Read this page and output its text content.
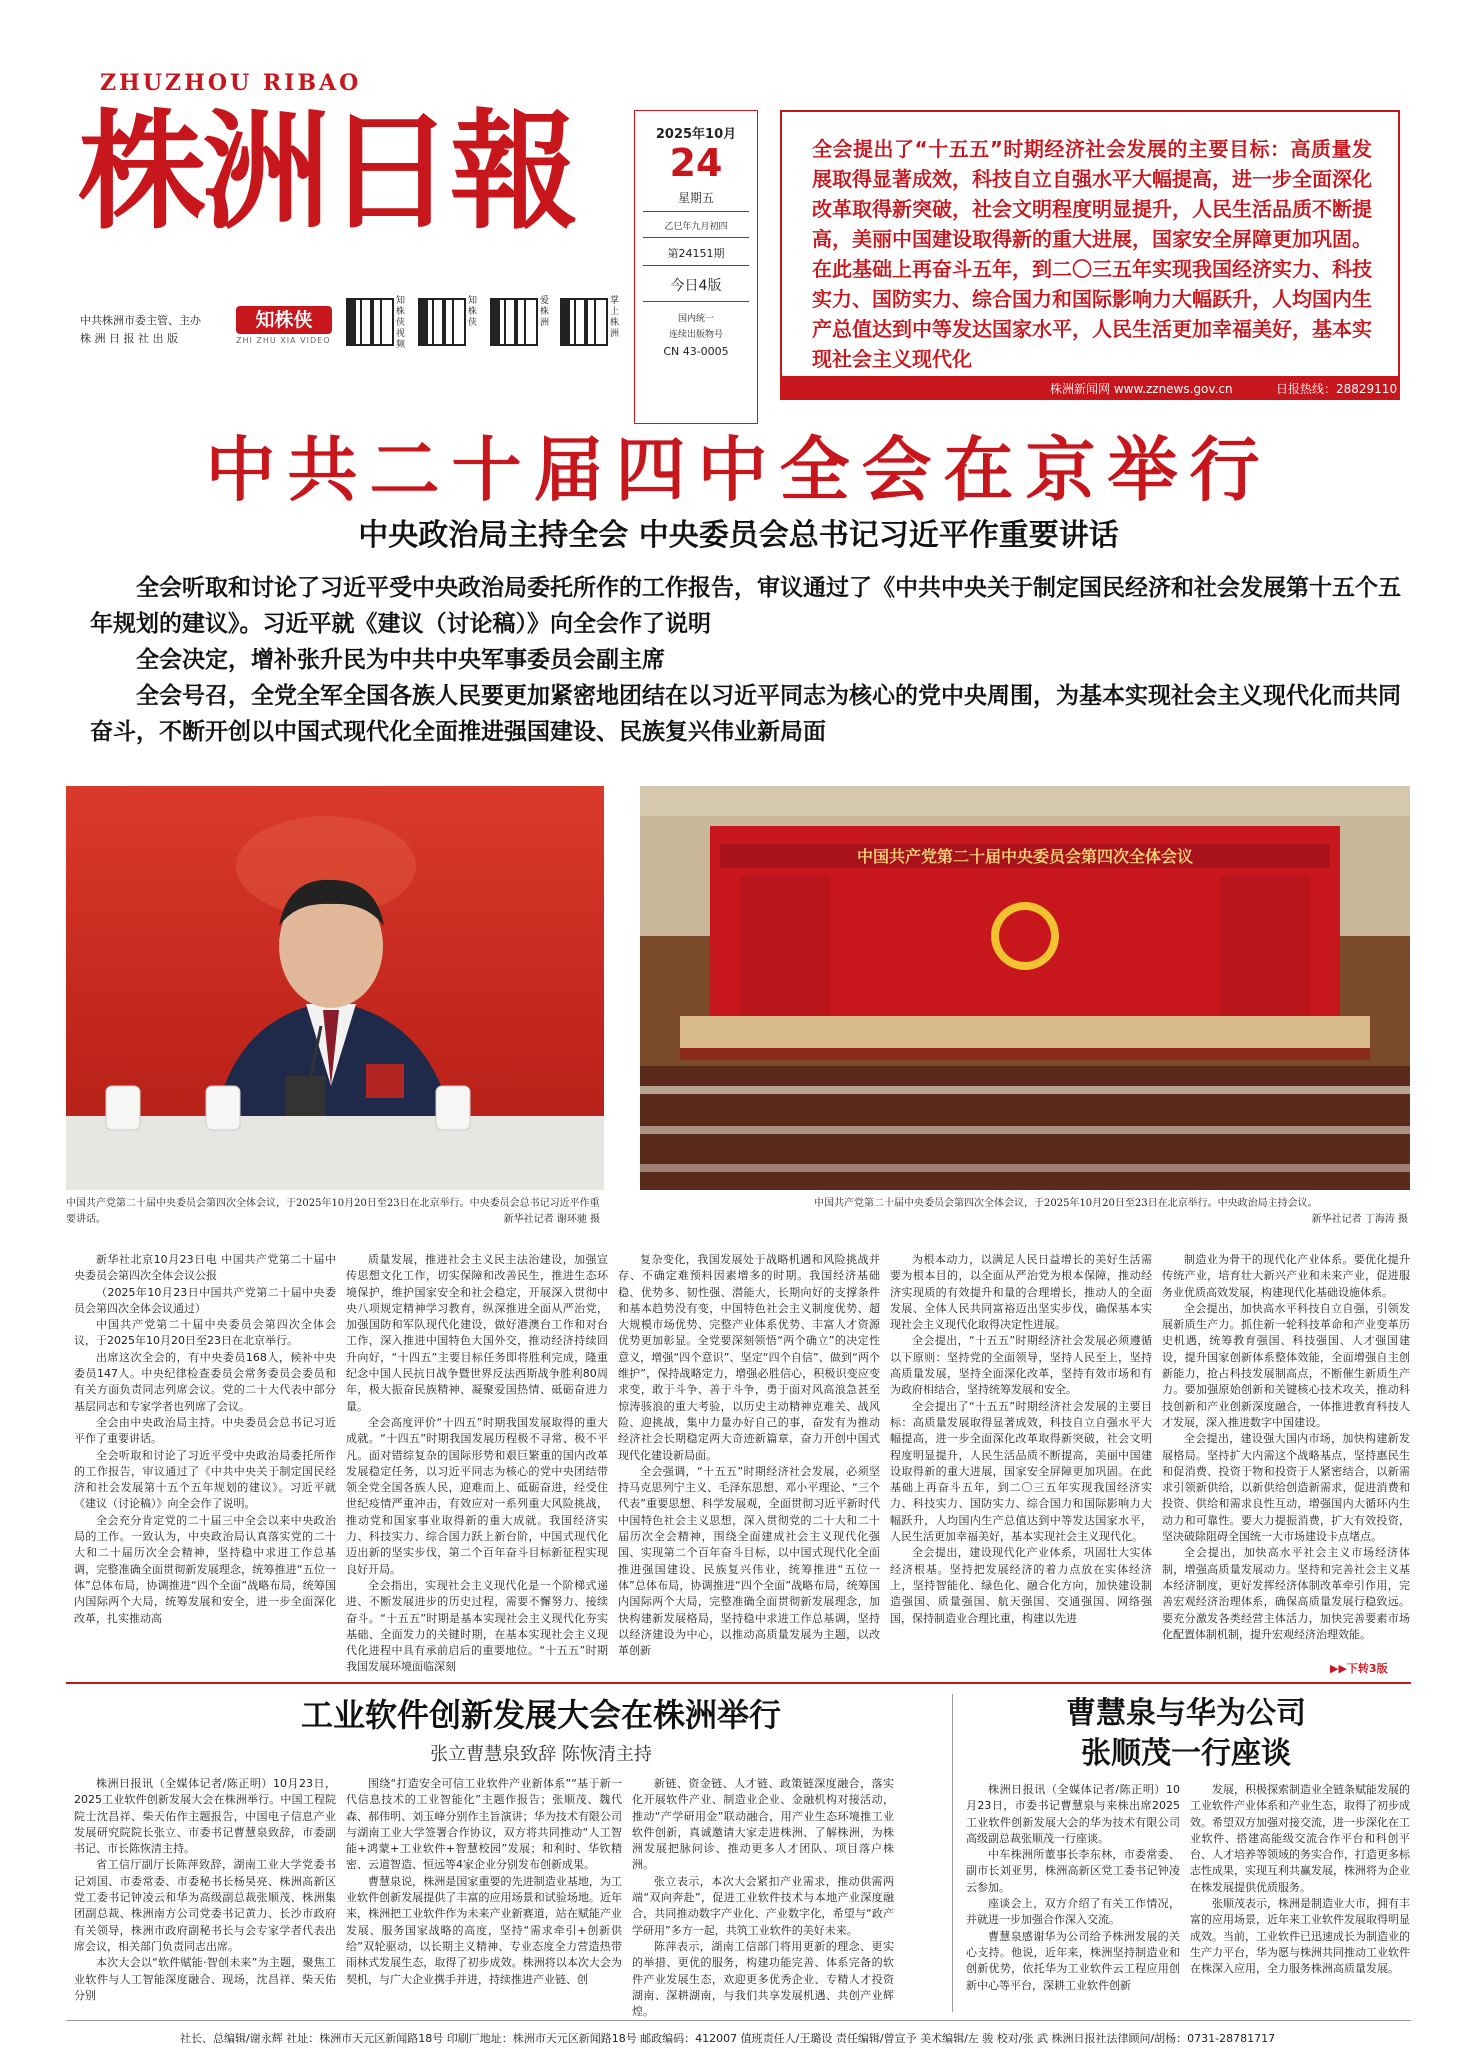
ZHUZHOU RIBAO
株洲日報
中共株洲市委主管、主办
株 洲 日 报 社 出 版
知株侠
ZHI ZHU XIA VIDEO
知株侠视频
知株侠
爱株洲
掌上株洲
2025年10月
24
星期五
乙巳年九月初四
第24151期
今日4版
国内统一
连续出版物号
CN 43-0005

全会提出了“十五五”时期经济社会发展的主要目标：高质量发展取得显著成效，科技自立自强水平大幅提高，进一步全面深化改革取得新突破，社会文明程度明显提升，人民生活品质不断提高，美丽中国建设取得新的重大进展，国家安全屏障更加巩固。在此基础上再奋斗五年，到二〇三五年实现我国经济实力、科技实力、国防实力、综合国力和国际影响力大幅跃升，人均国内生产总值达到中等发达国家水平，人民生活更加幸福美好，基本实现社会主义现代化

株洲新闻网 www.zznews.gov.cn	日报热线：28829110
中共二十届四中全会在京举行
中央政治局主持全会 中央委员会总书记习近平作重要讲话

全会听取和讨论了习近平受中央政治局委托所作的工作报告，审议通过了《中共中央关于制定国民经济和社会发展第十五个五年规划的建议》。习近平就《建议（讨论稿）》向全会作了说明

全会决定，增补张升民为中共中央军事委员会副主席

全会号召，全党全军全国各族人民要更加紧密地团结在以习近平同志为核心的党中央周围，为基本实现社会主义现代化而共同奋斗，不断开创以中国式现代化全面推进强国建设、民族复兴伟业新局面

中国共产党第二十届中央委员会第四次全体会议，于2025年10月20日至23日在北京举行。中央委员会总书记习近平作重要讲话。	新华社记者 谢环驰 摄
中国共产党第二十届中央委员会第四次全体会议
中国共产党第二十届中央委员会第四次全体会议，于2025年10月20日至23日在北京举行。中央政治局主持会议。
新华社记者 丁海涛 摄

新华社北京10月23日电 中国共产党第二十届中央委员会第四次全体会议公报

（2025年10月23日中国共产党第二十届中央委员会第四次全体会议通过）

中国共产党第二十届中央委员会第四次全体会议，于2025年10月20日至23日在北京举行。

出席这次全会的，有中央委员168人，候补中央委员147人。中央纪律检查委员会常务委员会委员和有关方面负责同志列席会议。党的二十大代表中部分基层同志和专家学者也列席了会议。

全会由中央政治局主持。中央委员会总书记习近平作了重要讲话。

全会听取和讨论了习近平受中央政治局委托所作的工作报告，审议通过了《中共中央关于制定国民经济和社会发展第十五个五年规划的建议》。习近平就《建议（讨论稿）》向全会作了说明。

全会充分肯定党的二十届三中全会以来中央政治局的工作。一致认为，中央政治局认真落实党的二十大和二十届历次全会精神，坚持稳中求进工作总基调，完整准确全面贯彻新发展理念，统筹推进“五位一体”总体布局，协调推进“四个全面”战略布局，统筹国内国际两个大局，统筹发展和安全，进一步全面深化改革，扎实推动高

质量发展，推进社会主义民主法治建设，加强宣传思想文化工作，切实保障和改善民生，推进生态环境保护，维护国家安全和社会稳定，开展深入贯彻中央八项规定精神学习教育，纵深推进全面从严治党，加强国防和军队现代化建设，做好港澳台工作和对台工作，深入推进中国特色大国外交，推动经济持续回升向好，“十四五”主要目标任务即将胜利完成，隆重纪念中国人民抗日战争暨世界反法西斯战争胜利80周年，极大振奋民族精神、凝聚爱国热情、砥砺奋进力量。

全会高度评价“十四五”时期我国发展取得的重大成就。“十四五”时期我国发展历程极不寻常、极不平凡。面对错综复杂的国际形势和艰巨繁重的国内改革发展稳定任务，以习近平同志为核心的党中央团结带领全党全国各族人民，迎难而上、砥砺奋进，经受住世纪疫情严重冲击，有效应对一系列重大风险挑战，推动党和国家事业取得新的重大成就。我国经济实力、科技实力、综合国力跃上新台阶，中国式现代化迈出新的坚实步伐，第二个百年奋斗目标新征程实现良好开局。

全会指出，实现社会主义现代化是一个阶梯式递进、不断发展进步的历史过程，需要不懈努力、接续奋斗。“十五五”时期是基本实现社会主义现代化夯实基础、全面发力的关键时期，在基本实现社会主义现代化进程中具有承前启后的重要地位。“十五五”时期我国发展环境面临深刻

复杂变化，我国发展处于战略机遇和风险挑战并存、不确定难预料因素增多的时期。我国经济基础稳、优势多、韧性强、潜能大，长期向好的支撑条件和基本趋势没有变，中国特色社会主义制度优势、超大规模市场优势、完整产业体系优势、丰富人才资源优势更加彰显。全党要深刻领悟“两个确立”的决定性意义，增强“四个意识”、坚定“四个自信”、做到“两个维护”，保持战略定力，增强必胜信心，积极识变应变求变，敢于斗争、善于斗争，勇于面对风高浪急甚至惊涛骇浪的重大考验，以历史主动精神克难关、战风险、迎挑战，集中力量办好自己的事，奋发有为推动经济社会长期稳定两大奇迹新篇章，奋力开创中国式现代化建设新局面。

全会强调，“十五五”时期经济社会发展，必须坚持马克思列宁主义、毛泽东思想、邓小平理论、“三个代表”重要思想、科学发展观，全面贯彻习近平新时代中国特色社会主义思想，深入贯彻党的二十大和二十届历次全会精神，围绕全面建成社会主义现代化强国、实现第二个百年奋斗目标，以中国式现代化全面推进强国建设、民族复兴伟业，统筹推进“五位一体”总体布局，协调推进“四个全面”战略布局，统筹国内国际两个大局，完整准确全面贯彻新发展理念，加快构建新发展格局，坚持稳中求进工作总基调，坚持以经济建设为中心，以推动高质量发展为主题，以改革创新

为根本动力，以满足人民日益增长的美好生活需要为根本目的，以全面从严治党为根本保障，推动经济实现质的有效提升和量的合理增长，推动人的全面发展、全体人民共同富裕迈出坚实步伐，确保基本实现社会主义现代化取得决定性进展。

全会提出，“十五五”时期经济社会发展必须遵循以下原则：坚持党的全面领导，坚持人民至上，坚持高质量发展，坚持全面深化改革，坚持有效市场和有为政府相结合，坚持统筹发展和安全。

全会提出了“十五五”时期经济社会发展的主要目标：高质量发展取得显著成效，科技自立自强水平大幅提高，进一步全面深化改革取得新突破，社会文明程度明显提升，人民生活品质不断提高，美丽中国建设取得新的重大进展，国家安全屏障更加巩固。在此基础上再奋斗五年，到二〇三五年实现我国经济实力、科技实力、国防实力、综合国力和国际影响力大幅跃升，人均国内生产总值达到中等发达国家水平，人民生活更加幸福美好，基本实现社会主义现代化。

全会提出，建设现代化产业体系，巩固壮大实体经济根基。坚持把发展经济的着力点放在实体经济上，坚持智能化、绿色化、融合化方向，加快建设制造强国、质量强国、航天强国、交通强国、网络强国，保持制造业合理比重，构建以先进

制造业为骨干的现代化产业体系。要优化提升传统产业，培育壮大新兴产业和未来产业，促进服务业优质高效发展，构建现代化基础设施体系。

全会提出，加快高水平科技自立自强，引领发展新质生产力。抓住新一轮科技革命和产业变革历史机遇，统筹教育强国、科技强国、人才强国建设，提升国家创新体系整体效能，全面增强自主创新能力，抢占科技发展制高点，不断催生新质生产力。要加强原始创新和关键核心技术攻关，推动科技创新和产业创新深度融合，一体推进教育科技人才发展，深入推进数字中国建设。

全会提出，建设强大国内市场，加快构建新发展格局。坚持扩大内需这个战略基点，坚持惠民生和促消费、投资于物和投资于人紧密结合，以新需求引领新供给，以新供给创造新需求，促进消费和投资、供给和需求良性互动，增强国内大循环内生动力和可靠性。要大力提振消费，扩大有效投资，坚决破除阻碍全国统一大市场建设卡点堵点。

全会提出，加快高水平社会主义市场经济体制，增强高质量发展动力。坚持和完善社会主义基本经济制度，更好发挥经济体制改革牵引作用，完善宏观经济治理体系，确保高质量发展行稳致远。要充分激发各类经营主体活力，加快完善要素市场化配置体制机制，提升宏观经济治理效能。

▶▶下转3版
工业软件创新发展大会在株洲举行
张立曹慧泉致辞 陈恢清主持

株洲日报讯（全媒体记者/陈正明）10月23日，2025工业软件创新发展大会在株洲举行。中国工程院院士沈昌祥、柴天佑作主题报告，中国电子信息产业发展研究院院长张立、市委书记曹慧泉致辞，市委副书记、市长陈恢清主持。

省工信厅副厅长陈萍致辞，湖南工业大学党委书记刘国、市委常委、市委秘书长杨昊亮、株洲高新区党工委书记钟凌云和华为高级副总裁张顺茂、株洲集团副总裁、株洲南方公司党委书记黄力、长沙市政府有关领导，株洲市政府副秘书长与会专家学者代表出席会议，相关部门负责同志出席。

本次大会以“软件赋能·智创未来”为主题，聚焦工业软件与人工智能深度融合、现场，沈昌祥、柴天佑分别

围绕“打造安全可信工业软件产业新体系”“基于新一代信息技术的工业智能化”主题作报告；张顺茂、魏代森、郝伟明、刘玉峰分别作主旨演讲；华为技术有限公司与湖南工业大学签署合作协议，双方将共同推动“人工智能+鸿蒙+工业软件+智慧校园”发展；和利时、华钦精密、云道智造、恒远等4家企业分别发布创新成果。

曹慧泉说，株洲是国家重要的先进制造业基地，为工业软件创新发展提供了丰富的应用场景和试验场地。近年来，株洲把工业软件作为未来产业新赛道，站在赋能产业发展、服务国家战略的高度，坚持“需求牵引+创新供给”双轮驱动，以长期主义精神、专业态度全力营造热带雨林式发展生态，取得了初步成效。株洲将以本次大会为契机，与广大企业携手并进，持续推进产业链、创

新链、资金链、人才链、政策链深度融合，落实化开展软件产业、制造业企业、金融机构对接活动，推动“产学研用金”联动融合，用产业生态环境推工业软件创新，真诚邀请大家走进株洲、了解株洲，为株洲发展把脉问诊、推动更多人才团队、项目落户株洲。

张立表示，本次大会紧扣产业需求，推动供需两端“双向奔赴”，促进工业软件技术与本地产业深度融合，共同推动数字产业化、产业数字化，希望与“政产学研用”多方一起，共筑工业软件的美好未来。

陈萍表示，湖南工信部门将用更新的理念、更实的举措、更优的服务，构建功能完善、体系完备的软件产业发展生态，欢迎更多优秀企业、专精人才投资湖南、深耕湖南，与我们共享发展机遇、共创产业辉煌。

曹慧泉与华为公司
张顺茂一行座谈

株洲日报讯（全媒体记者/陈正明）10月23日，市委书记曹慧泉与来株出席2025工业软件创新发展大会的华为技术有限公司高级副总裁张顺茂一行座谈。

中车株洲所董事长李东林，市委常委、副市长刘亚男，株洲高新区党工委书记钟凌云参加。

座谈会上，双方介绍了有关工作情况，并就进一步加强合作深入交流。

曹慧泉感谢华为公司给予株洲发展的关心支持。他说，近年来，株洲坚持制造业和创新优势，依托华为工业软件云工程应用创新中心等平台，深耕工业软件创新

发展，积极探索制造业全链条赋能发展的工业软件产业体系和产业生态，取得了初步成效。希望双方加强对接交流，进一步深化在工业软件、搭建高能级交流合作平台和科创平台、人才培养等领域的务实合作，打造更多标志性成果，实现互利共赢发展，株洲将为企业在株发展提供优质服务。

张顺茂表示，株洲是制造业大市，拥有丰富的应用场景，近年来工业软件发展取得明显成效。当前，工业软件已迅速成长为制造业的生产力平台，华为愿与株洲共同推动工业软件在株深入应用，全力服务株洲高质量发展。

社长、总编辑/谢永辉 社址：株洲市天元区新闻路18号 印刷厂地址：株洲市天元区新闻路18号 邮政编码：412007 值班责任人/王璐设 责任编辑/曾宣予 美术编辑/左 骏 校对/张 武 株洲日报社法律顾问/胡杨：0731-28781717
